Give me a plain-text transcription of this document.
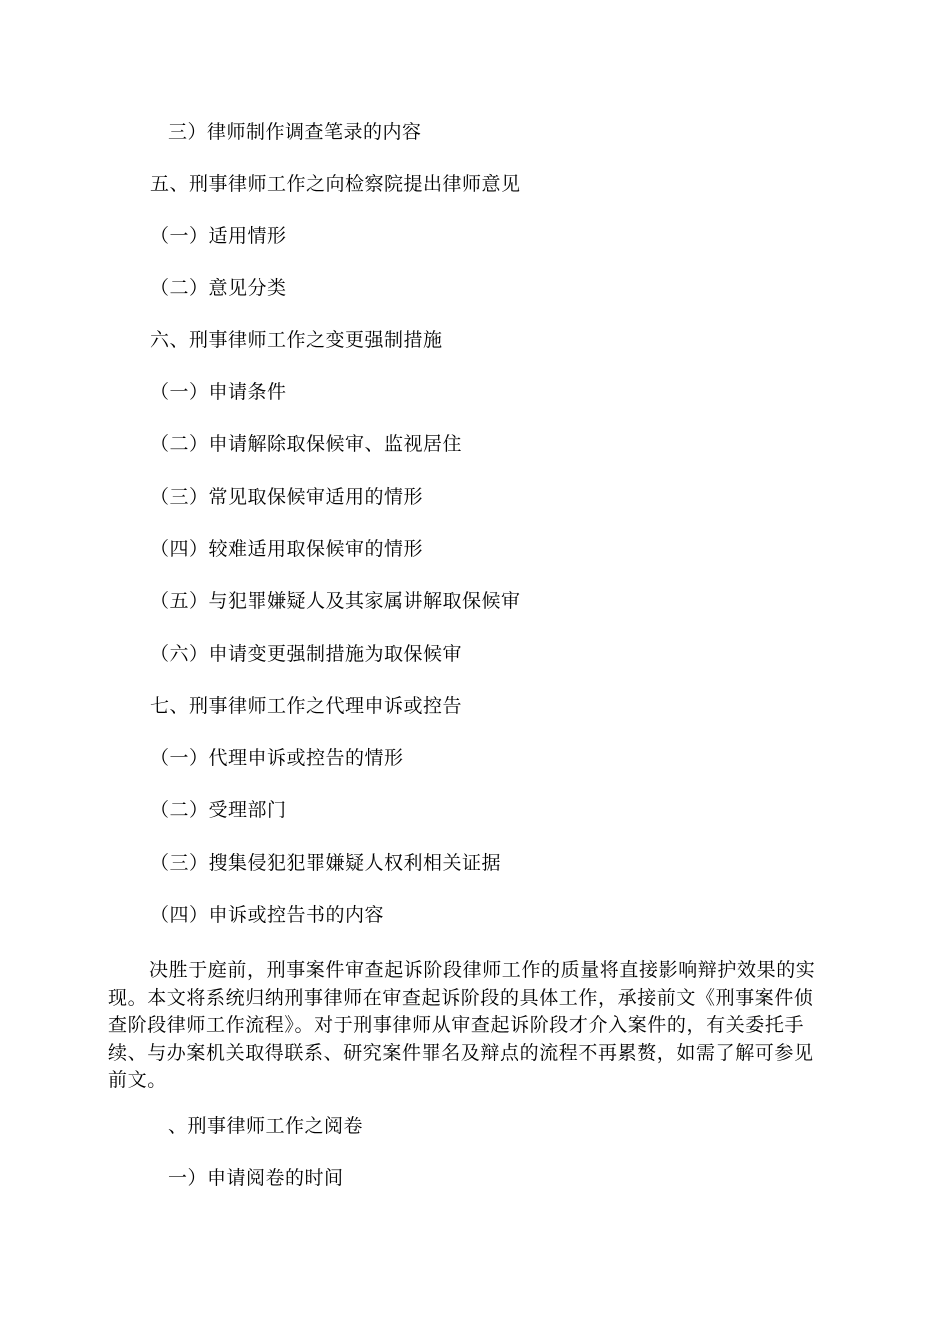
三）律师制作调查笔录的内容
五、刑事律师工作之向检察院提出律师意见
（一）适用情形
（二）意见分类
六、刑事律师工作之变更强制措施
（一）申请条件
（二）申请解除取保候审、监视居住
（三）常见取保候审适用的情形
（四）较难适用取保候审的情形
（五）与犯罪嫌疑人及其家属讲解取保候审
（六）申请变更强制措施为取保候审
七、刑事律师工作之代理申诉或控告
（一）代理申诉或控告的情形
（二）受理部门
（三）搜集侵犯犯罪嫌疑人权利相关证据
（四）申诉或控告书的内容
决胜于庭前，刑事案件审查起诉阶段律师工作的质量将直接影响辩护效果的实
现。本文将系统归纳刑事律师在审查起诉阶段的具体工作，承接前文《刑事案件侦
查阶段律师工作流程》。对于刑事律师从审查起诉阶段才介入案件的，有关委托手
续、与办案机关取得联系、研究案件罪名及辩点的流程不再累赘，如需了解可参见
前文。
、刑事律师工作之阅卷
一）申请阅卷的时间
